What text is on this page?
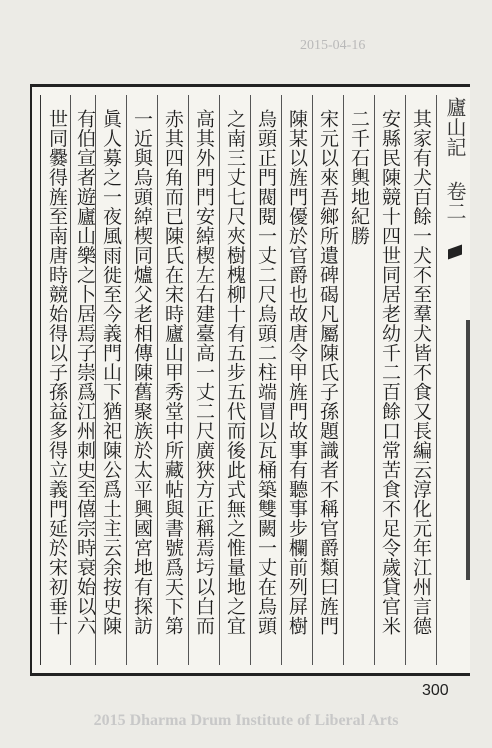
2015-04-16
廬山記 卷二
其家有犬百餘一犬不至羣犬皆不食又長編云淳化元年江州言德
安縣民陳競十四世同居老幼千二百餘口常苦食不足令歲貸官米
二千石輿地紀勝
宋元以來吾鄉所遺碑碣凡屬陳氏子孫題識者不稱官爵類曰旌門
陳某以旌門優於官爵也故唐令甲旌門故事有聽事步欄前列屏樹
烏頭正門閥閱一丈二尺烏頭二柱端冒以瓦桶築雙闕一丈在烏頭
之南三丈七尺夾樹槐柳十有五步五代而後此式無之惟量地之宜
高其外門門安綽楔左右建臺高一丈二尺廣狹方正稱焉圬以白而
赤其四角而已陳氏在宋時廬山甲秀堂中所藏帖與書號爲天下第
一近與烏頭綽楔同爐父老相傳陳舊聚族於太平興國宮地有探訪
眞人募之一夜風雨徙至今義門山下猶祀陳公爲土主云余按史陳
有伯宣者遊廬山樂之卜居焉子崇爲江州刺史至僖宗時衰始以六
世同爨得旌至南唐時競始得以子孫益多得立義門延於宋初垂十
300
2015 Dharma Drum Institute of Liberal Arts
